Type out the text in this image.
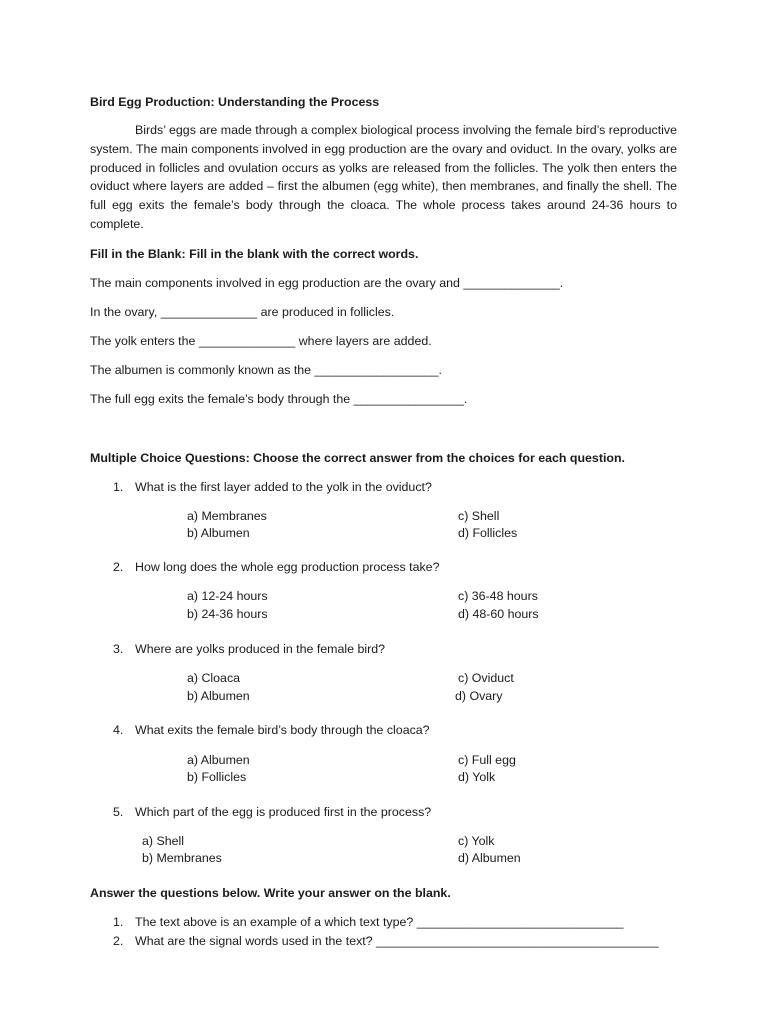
Bird Egg Production: Understanding the Process

Birds’ eggs are made through a complex biological process involving the female bird’s reproductive system. The main components involved in egg production are the ovary and oviduct. In the ovary, yolks are produced in follicles and ovulation occurs as yolks are released from the follicles. The yolk then enters the oviduct where layers are added – first the albumen (egg white), then membranes, and finally the shell. The full egg exits the female’s body through the cloaca. The whole process takes around 24-36 hours to complete.

Fill in the Blank: Fill in the blank with the correct words.
The main components involved in egg production are the ovary and ______________.
In the ovary, ______________ are produced in follicles.
The yolk enters the ______________ where layers are added.
The albumen is commonly known as the __________________.
The full egg exits the female’s body through the ________________.
Multiple Choice Questions: Choose the correct answer from the choices for each question.
1. What is the first layer added to the yolk in the oviduct?
a) Membranes
b) Albumen
c) Shell
d) Follicles
2. How long does the whole egg production process take?
a) 12-24 hours
b) 24-36 hours
c) 36-48 hours
d) 48-60 hours
3. Where are yolks produced in the female bird?
a) Cloaca
b) Albumen
c) Oviduct
d) Ovary
4. What exits the female bird’s body through the cloaca?
a) Albumen
b) Follicles
c) Full egg
d) Yolk
5. Which part of the egg is produced first in the process?
a) Shell
b) Membranes
c) Yolk
d) Albumen
Answer the questions below. Write your answer on the blank.
1. The text above is an example of a which text type? ______________________________
2. What are the signal words used in the text? _________________________________________
